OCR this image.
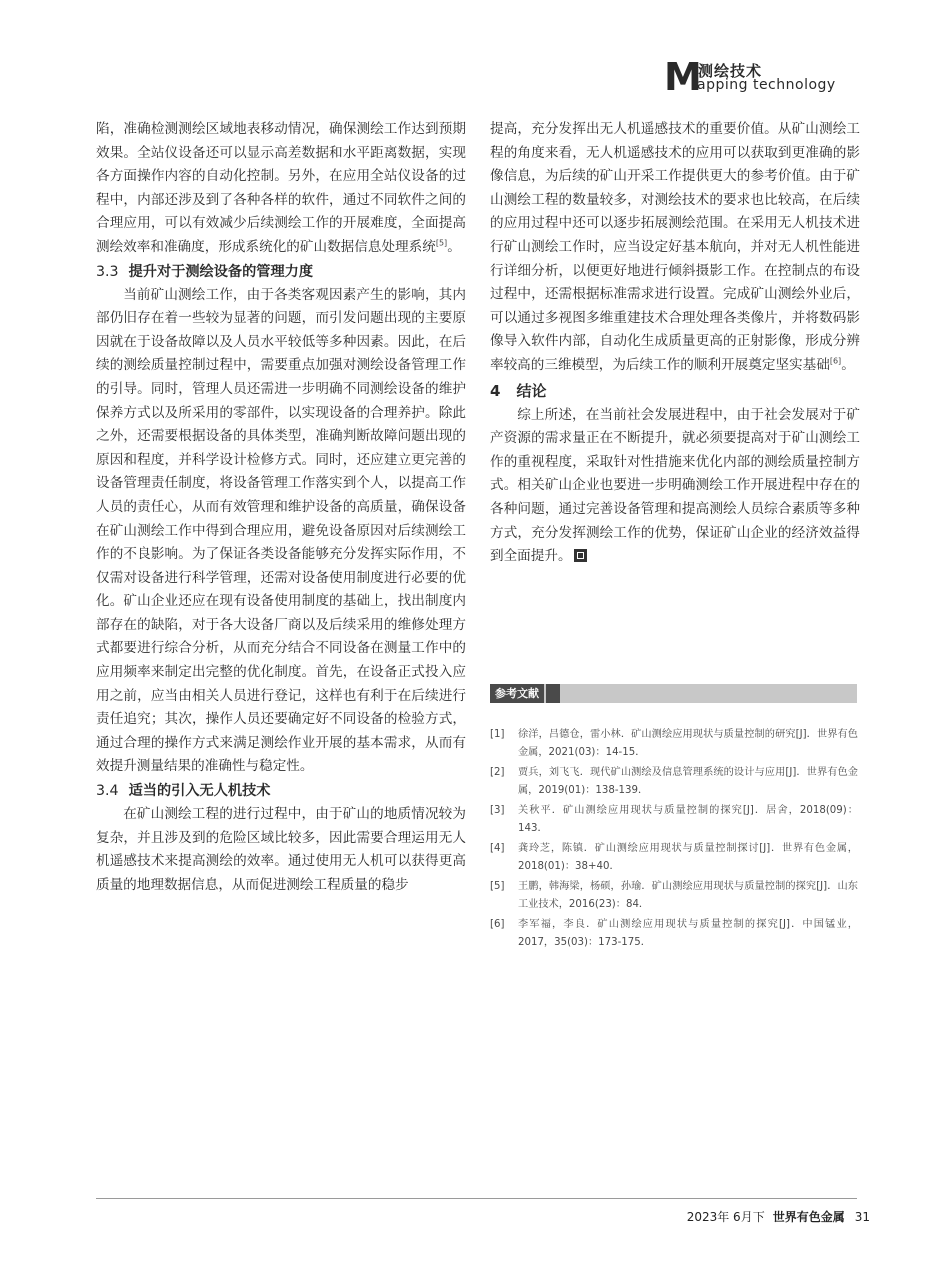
M
测绘技术
apping technology

陷，准确检测测绘区域地表移动情况，确保测绘工作达到预期效果。全站仪设备还可以显示高差数据和水平距离数据，实现各方面操作内容的自动化控制。另外，在应用全站仪设备的过程中，内部还涉及到了各种各样的软件，通过不同软件之间的合理应用，可以有效减少后续测绘工作的开展难度，全面提高测绘效率和准确度，形成系统化的矿山数据信息处理系统[5]。

3.3 提升对于测绘设备的管理力度

当前矿山测绘工作，由于各类客观因素产生的影响，其内部仍旧存在着一些较为显著的问题，而引发问题出现的主要原因就在于设备故障以及人员水平较低等多种因素。因此，在后续的测绘质量控制过程中，需要重点加强对测绘设备管理工作的引导。同时，管理人员还需进一步明确不同测绘设备的维护保养方式以及所采用的零部件，以实现设备的合理养护。除此之外，还需要根据设备的具体类型，准确判断故障问题出现的原因和程度，并科学设计检修方式。同时，还应建立更完善的设备管理责任制度，将设备管理工作落实到个人，以提高工作人员的责任心，从而有效管理和维护设备的高质量，确保设备在矿山测绘工作中得到合理应用，避免设备原因对后续测绘工作的不良影响。为了保证各类设备能够充分发挥实际作用，不仅需对设备进行科学管理，还需对设备使用制度进行必要的优化。矿山企业还应在现有设备使用制度的基础上，找出制度内部存在的缺陷，对于各大设备厂商以及后续采用的维修处理方式都要进行综合分析，从而充分结合不同设备在测量工作中的应用频率来制定出完整的优化制度。首先，在设备正式投入应用之前，应当由相关人员进行登记，这样也有利于在后续进行责任追究；其次，操作人员还要确定好不同设备的检验方式，通过合理的操作方式来满足测绘作业开展的基本需求，从而有效提升测量结果的准确性与稳定性。

3.4 适当的引入无人机技术

在矿山测绘工程的进行过程中，由于矿山的地质情况较为复杂，并且涉及到的危险区域比较多，因此需要合理运用无人机遥感技术来提高测绘的效率。通过使用无人机可以获得更高质量的地理数据信息，从而促进测绘工程质量的稳步

提高，充分发挥出无人机遥感技术的重要价值。从矿山测绘工程的角度来看，无人机遥感技术的应用可以获取到更准确的影像信息，为后续的矿山开采工作提供更大的参考价值。由于矿山测绘工程的数量较多，对测绘技术的要求也比较高，在后续的应用过程中还可以逐步拓展测绘范围。在采用无人机技术进行矿山测绘工作时，应当设定好基本航向，并对无人机性能进行详细分析，以便更好地进行倾斜摄影工作。在控制点的布设过程中，还需根据标准需求进行设置。完成矿山测绘外业后，可以通过多视图多维重建技术合理处理各类像片，并将数码影像导入软件内部，自动化生成质量更高的正射影像，形成分辨率较高的三维模型，为后续工作的顺利开展奠定坚实基础[6]。

4 结论

综上所述，在当前社会发展进程中，由于社会发展对于矿产资源的需求量正在不断提升，就必须要提高对于矿山测绘工作的重视程度，采取针对性措施来优化内部的测绘质量控制方式。相关矿山企业也要进一步明确测绘工作开展进程中存在的各种问题，通过完善设备管理和提高测绘人员综合素质等多种方式，充分发挥测绘工作的优势，保证矿山企业的经济效益得到全面提升。

参考文献
[1]	徐洋，吕德仓，雷小林．矿山测绘应用现状与质量控制的研究[J]．世界有色金属，2021(03)：14-15．
[2]	贾兵，刘飞飞．现代矿山测绘及信息管理系统的设计与应用[J]．世界有色金属，2019(01)：138-139．
[3]	关秋平．矿山测绘应用现状与质量控制的探究[J]．居舍，2018(09)：143．
[4]	龚玲芝，陈镇．矿山测绘应用现状与质量控制探讨[J]．世界有色金属，2018(01)：38+40．
[5]	王鹏，韩海梁，杨硕，孙瑜．矿山测绘应用现状与质量控制的探究[J]．山东工业技术，2016(23)：84．
[6]	李军福，李良．矿山测绘应用现状与质量控制的探究[J]．中国锰业，2017，35(03)：173-175．
2023年 6月下 世界有色金属 31
